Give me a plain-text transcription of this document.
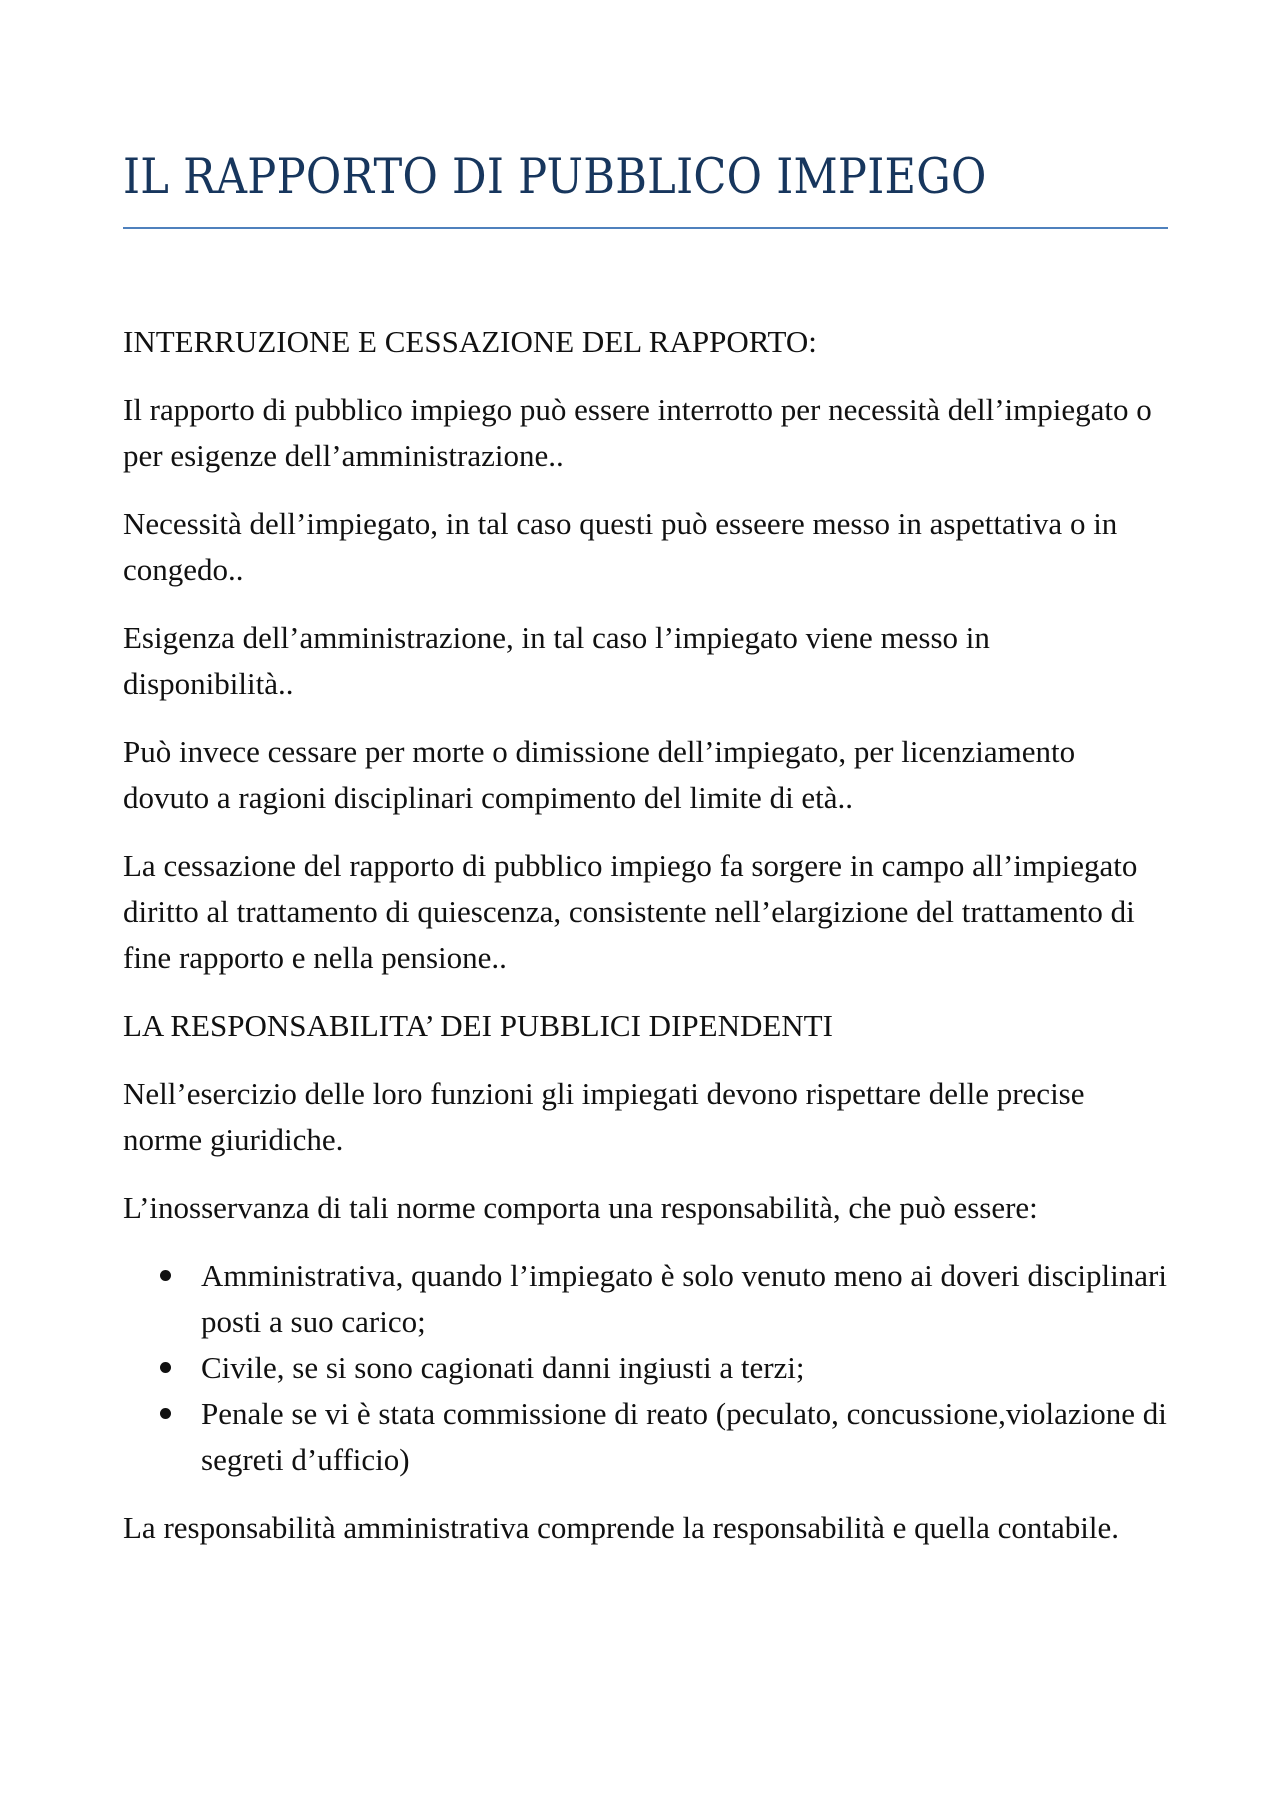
IL RAPPORTO DI PUBBLICO IMPIEGO

INTERRUZIONE E CESSAZIONE DEL RAPPORTO:

Il rapporto di pubblico impiego può essere interrotto per necessità dell’impiegato o per esigenze dell’amministrazione..

Necessità dell’impiegato, in tal caso questi può esseere messo in aspettativa o in congedo..

Esigenza dell’amministrazione, in tal caso l’impiegato viene messo in disponibilità..

Può invece cessare per morte o dimissione dell’impiegato, per licenziamento dovuto a ragioni disciplinari compimento del limite di età..

La cessazione del rapporto di pubblico impiego fa sorgere in campo all’impiegato diritto al trattamento di quiescenza, consistente nell’elargizione del trattamento di fine rapporto e nella pensione..

LA RESPONSABILITA’ DEI PUBBLICI DIPENDENTI

Nell’esercizio delle loro funzioni gli impiegati devono rispettare delle precise norme giuridiche.

L’inosservanza di tali norme comporta una responsabilità, che può essere:

Amministrativa, quando l’impiegato è solo venuto meno ai doveri disciplinari posti a suo carico;
Civile, se si sono cagionati danni ingiusti a terzi;
Penale se vi è stata commissione di reato (peculato, concussione,violazione di segreti d’ufficio)

La responsabilità amministrativa comprende la responsabilità e quella contabile.
